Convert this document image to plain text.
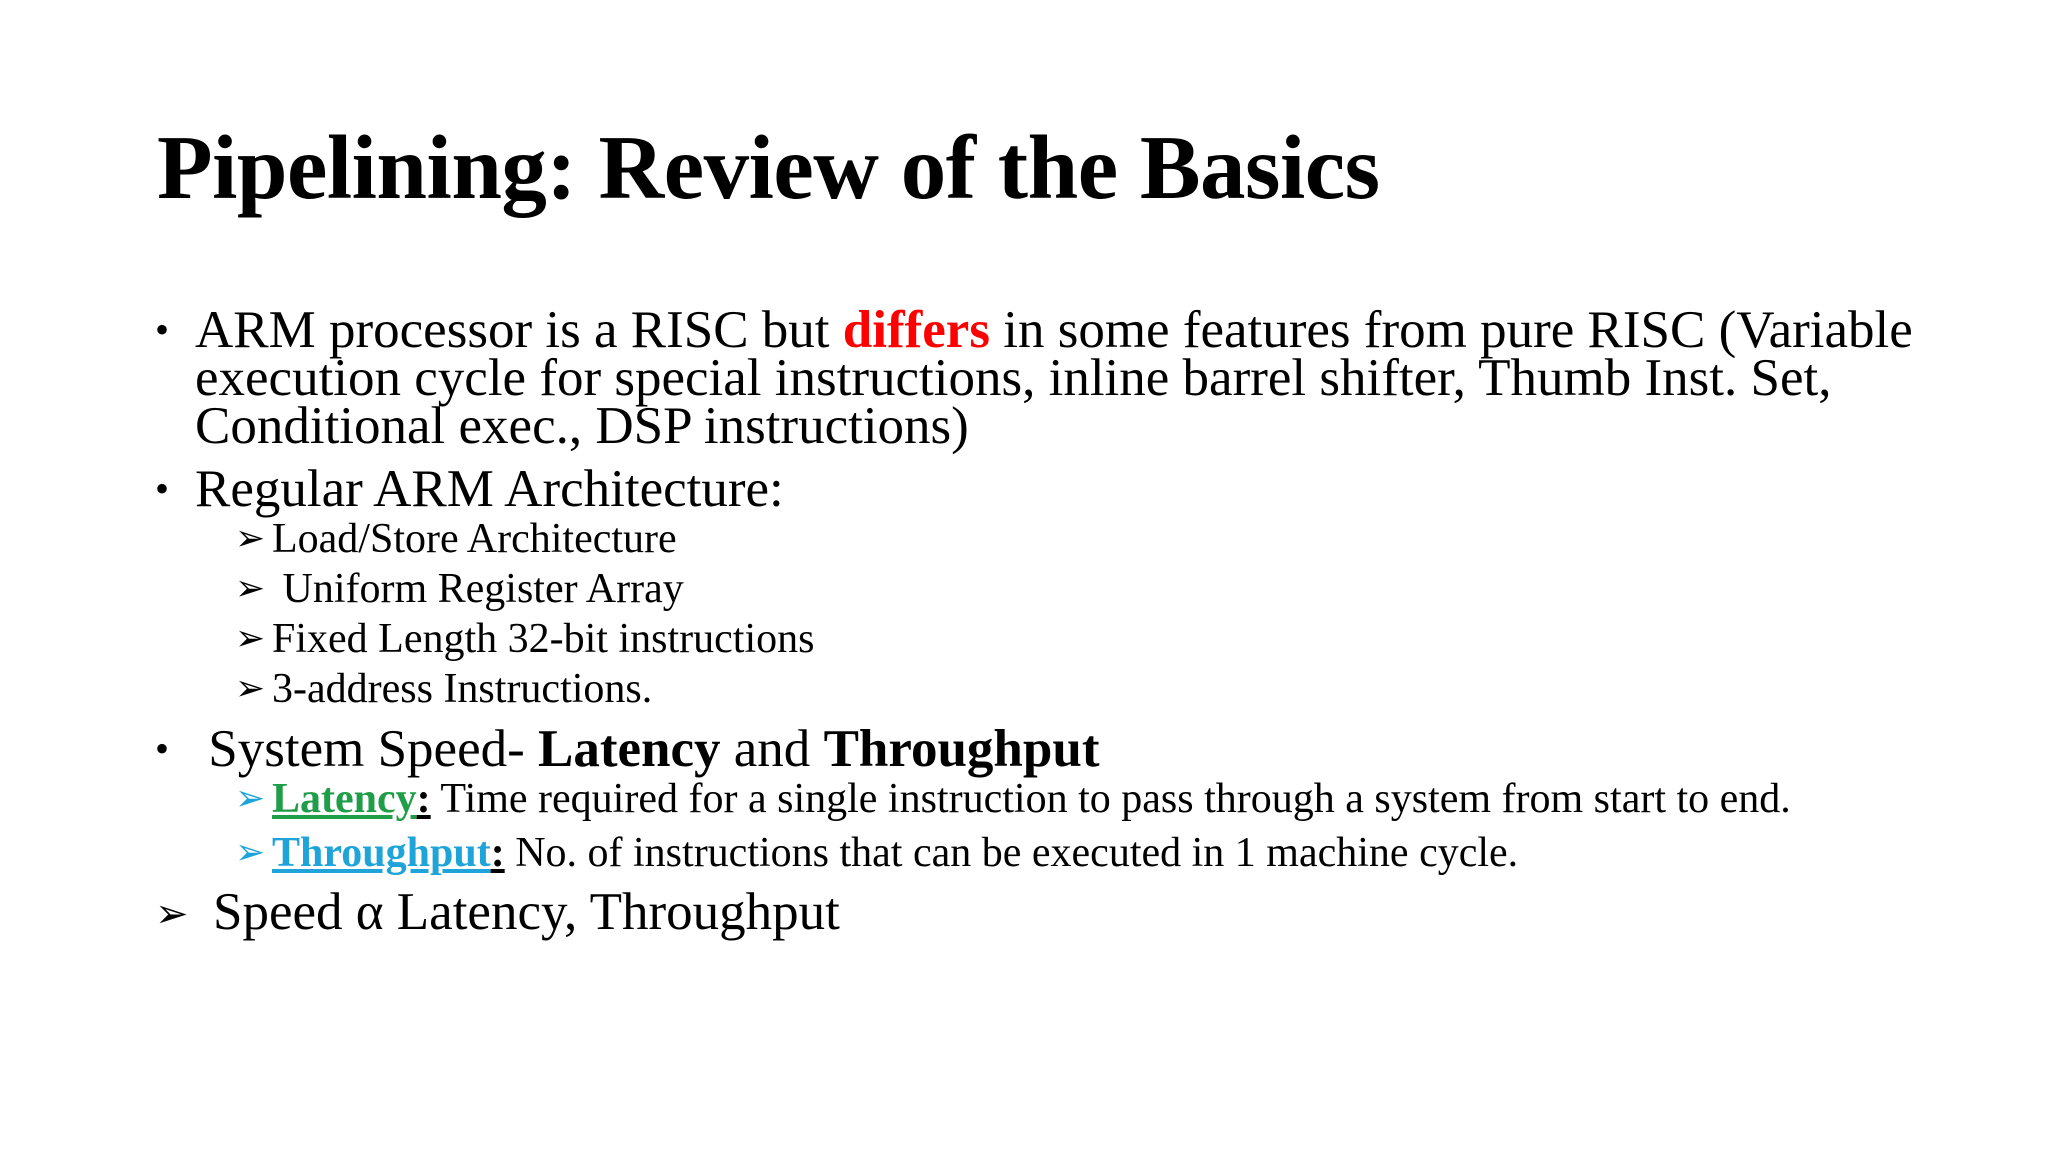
Pipelining: Review of the Basics
• ARM processor is a RISC but differs in some features from pure RISC (Variable execution cycle for special instructions, inline barrel shifter, Thumb Inst. Set, Conditional exec., DSP instructions)
• Regular ARM Architecture:
➢ Load/Store Architecture
➢ Uniform Register Array
➢ Fixed Length 32-bit instructions
➢ 3-address Instructions.
• System Speed- Latency and Throughput
➢ Latency: Time required for a single instruction to pass through a system from start to end.
➢ Throughput: No. of instructions that can be executed in 1 machine cycle.
➢ Speed α Latency, Throughput
